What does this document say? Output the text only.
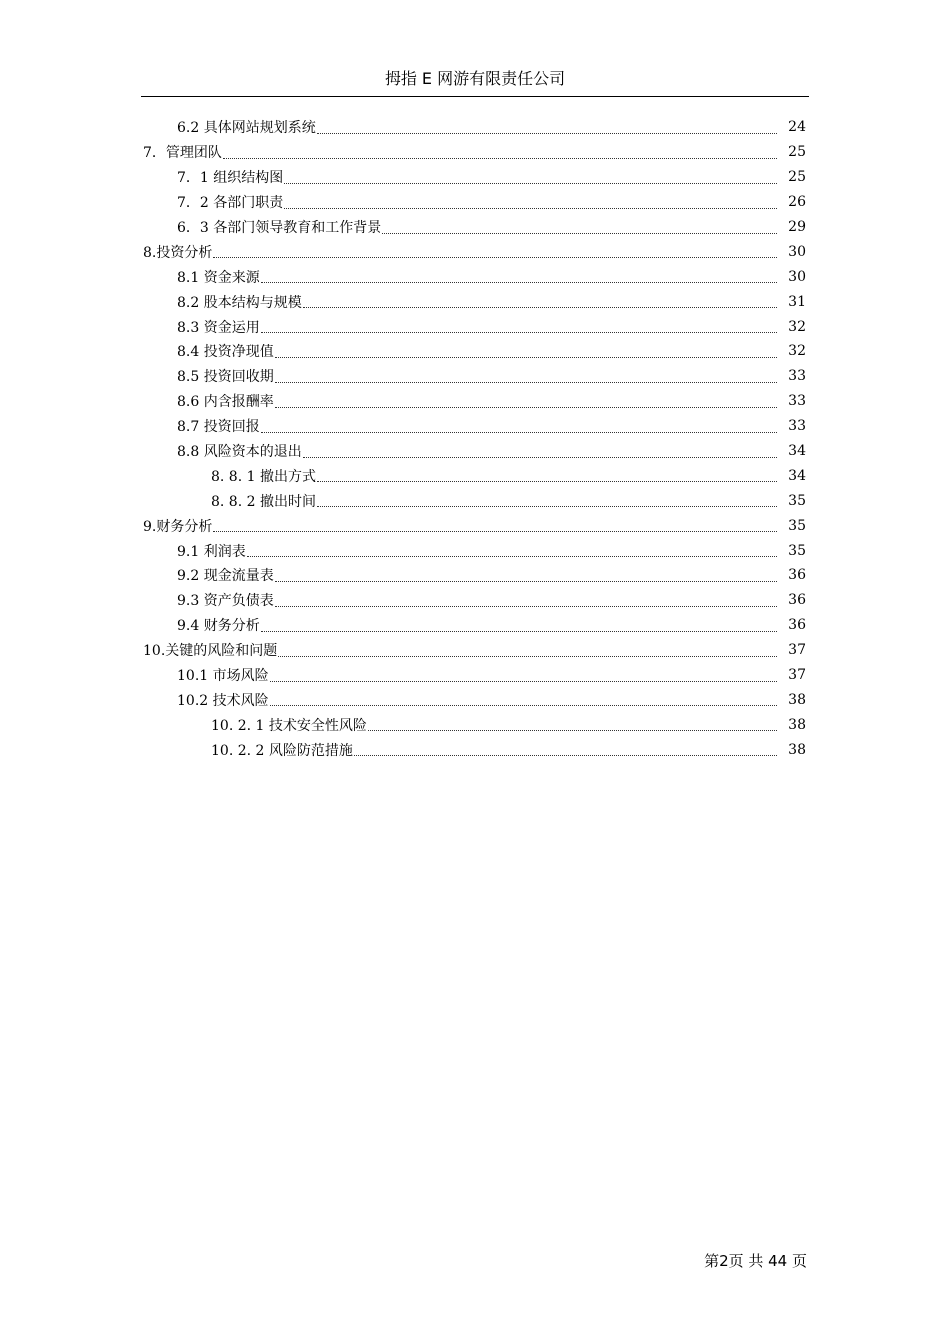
拇指 E 网游有限责任公司
6.2 具体网站规划系统	24
7．管理团队	25
7．1 组织结构图	25
7．2 各部门职责	26
6．3 各部门领导教育和工作背景	29
8.投资分析	30
8.1 资金来源	30
8.2 股本结构与规模	31
8.3 资金运用	32
8.4 投资净现值	32
8.5 投资回收期	33
8.6 内含报酬率	33
8.7 投资回报	33
8.8 风险资本的退出	34
8. 8. 1 撤出方式	34
8. 8. 2 撤出时间	35
9.财务分析	35
9.1 利润表	35
9.2 现金流量表	36
9.3 资产负债表	36
9.4 财务分析	36
10.关键的风险和问题	37
10.1 市场风险	37
10.2 技术风险	38
10. 2. 1 技术安全性风险	38
10. 2. 2 风险防范措施	38
第2页 共 44 页
